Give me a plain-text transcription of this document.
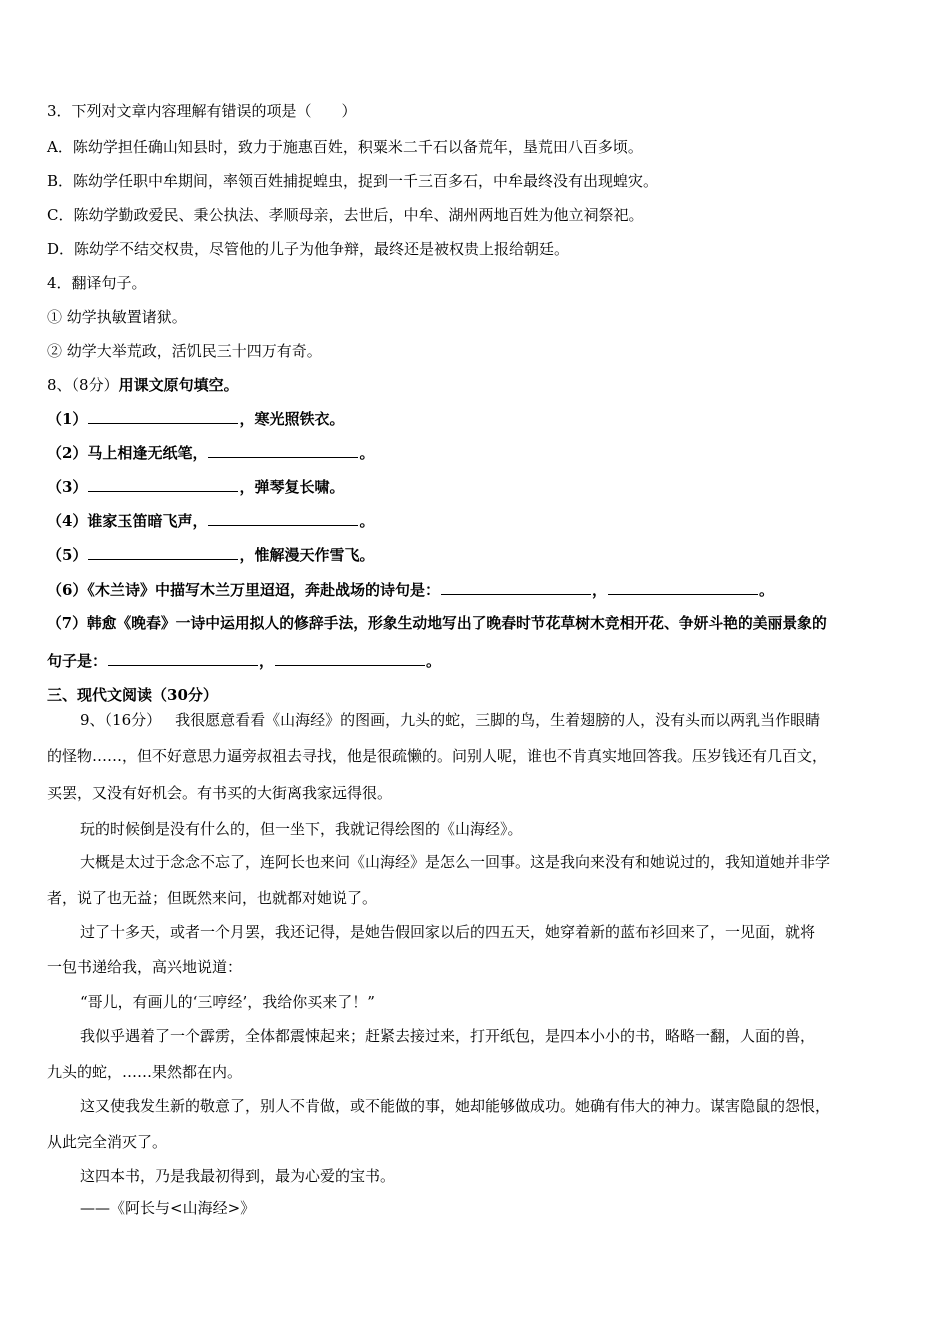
3．下列对文章内容理解有错误的项是（　　）
A．陈幼学担任确山知县时，致力于施惠百姓，积粟米二千石以备荒年，垦荒田八百多顷。
B．陈幼学任职中牟期间，率领百姓捕捉蝗虫，捉到一千三百多石，中牟最终没有出现蝗灾。
C．陈幼学勤政爱民、秉公执法、孝顺母亲，去世后，中牟、湖州两地百姓为他立祠祭祀。
D．陈幼学不结交权贵，尽管他的儿子为他争辩，最终还是被权贵上报给朝廷。
4．翻译句子。
① 幼学执敏置诸狱。
② 幼学大举荒政，活饥民三十四万有奇。
8、（8分）用课文原句填空。
（1）	，寒光照铁衣。
（2）马上相逢无纸笔，	。
（3）	，弹琴复长啸。
（4）谁家玉笛暗飞声，	。
（5）	，惟解漫天作雪飞。
（6）《木兰诗》中描写木兰万里迢迢，奔赴战场的诗句是：	，	。
（7）韩愈《晚春》一诗中运用拟人的修辞手法，形象生动地写出了晚春时节花草树木竞相开花、争妍斗艳的美丽景象的
句子是：	，	。
三、现代文阅读（30分）
9、（16分） 我很愿意看看《山海经》的图画，九头的蛇，三脚的鸟，生着翅膀的人，没有头而以两乳当作眼睛
的怪物……，但不好意思力逼旁叔祖去寻找，他是很疏懒的。问别人呢，谁也不肯真实地回答我。压岁钱还有几百文，
买罢，又没有好机会。有书买的大街离我家远得很。
玩的时候倒是没有什么的，但一坐下，我就记得绘图的《山海经》。
大概是太过于念念不忘了，连阿长也来问《山海经》是怎么一回事。这是我向来没有和她说过的，我知道她并非学
者，说了也无益；但既然来问，也就都对她说了。
过了十多天，或者一个月罢，我还记得，是她告假回家以后的四五天，她穿着新的蓝布衫回来了，一见面，就将
一包书递给我，高兴地说道：
“哥儿，有画儿的‘三哼经’，我给你买来了！”
我似乎遇着了一个霹雳，全体都震悚起来；赶紧去接过来，打开纸包，是四本小小的书，略略一翻，人面的兽，
九头的蛇，……果然都在内。
这又使我发生新的敬意了，别人不肯做，或不能做的事，她却能够做成功。她确有伟大的神力。谋害隐鼠的怨恨，
从此完全消灭了。
这四本书，乃是我最初得到，最为心爱的宝书。
——《阿长与<山海经>》
